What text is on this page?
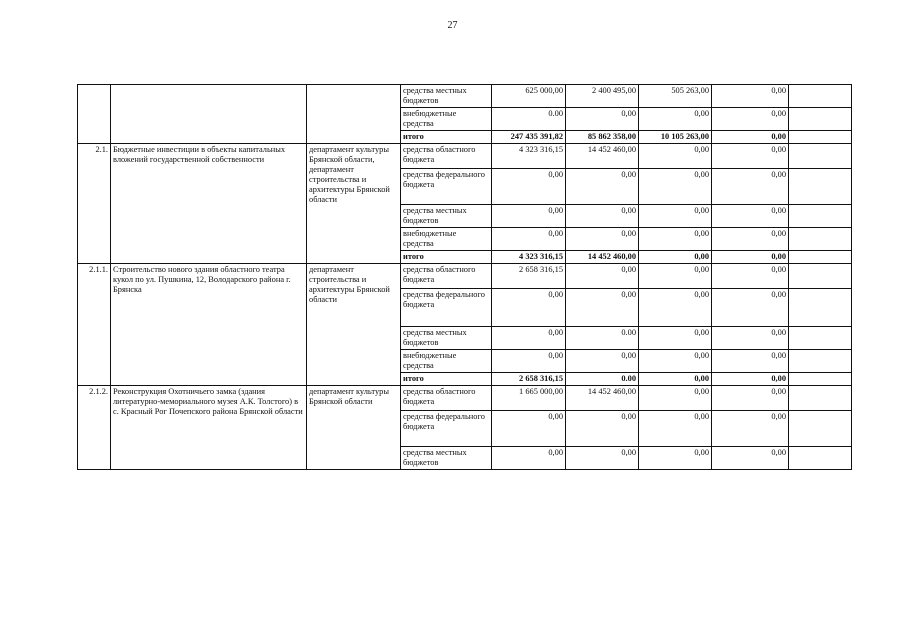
27
			средства местных бюджетов	625 000,00	2 400 495,00	505 263,00	0,00	
			внебюджетные средства	0.00	0,00	0,00	0,00	
			итого	247 435 391,82	85 862 358,00	10 105 263,00	0,00	
2.1.	Бюджетные инвестиции в объекты капитальных вложений государственной собственности	департамент культуры Брянской области, департамент строительства и архитектуры Брянской области	средства областного бюджета	4 323 316,15	14 452 460,00	0,00	0,00	
			средства федерального бюджета	0,00	0,00	0,00	0,00	
			средства местных бюджетов	0,00	0,00	0,00	0,00	
			внебюджетные средства	0,00	0,00	0,00	0,00	
			итого	4 323 316,15	14 452 460,00	0,00	0,00	
2.1.1.	Строительство нового здания областного театра кукол по ул. Пушкина, 12, Володарского района г. Брянска	департамент строительства и архитектуры Брянской области	средства областного бюджета	2 658 316,15	0,00	0,00	0,00	
			средства федерального бюджета	0,00	0,00	0,00	0,00	
			средства местных бюджетов	0,00	0.00	0,00	0,00	
			внебюджетные средства	0,00	0,00	0,00	0,00	
			итого	2 658 316,15	0.00	0,00	0,00	
2.1.2.	Реконструкция Охотничьего замка (здания литературно-мемориального музея А.К. Толстого) в с. Красный Рог Почепского района Брянской области	департамент культуры Брянской области	средства областного бюджета	1 665 000,00	14 452 460,00	0,00	0,00	
			средства федерального бюджета	0,00	0,00	0,00	0,00	
			средства местных бюджетов	0,00	0,00	0,00	0,00	
